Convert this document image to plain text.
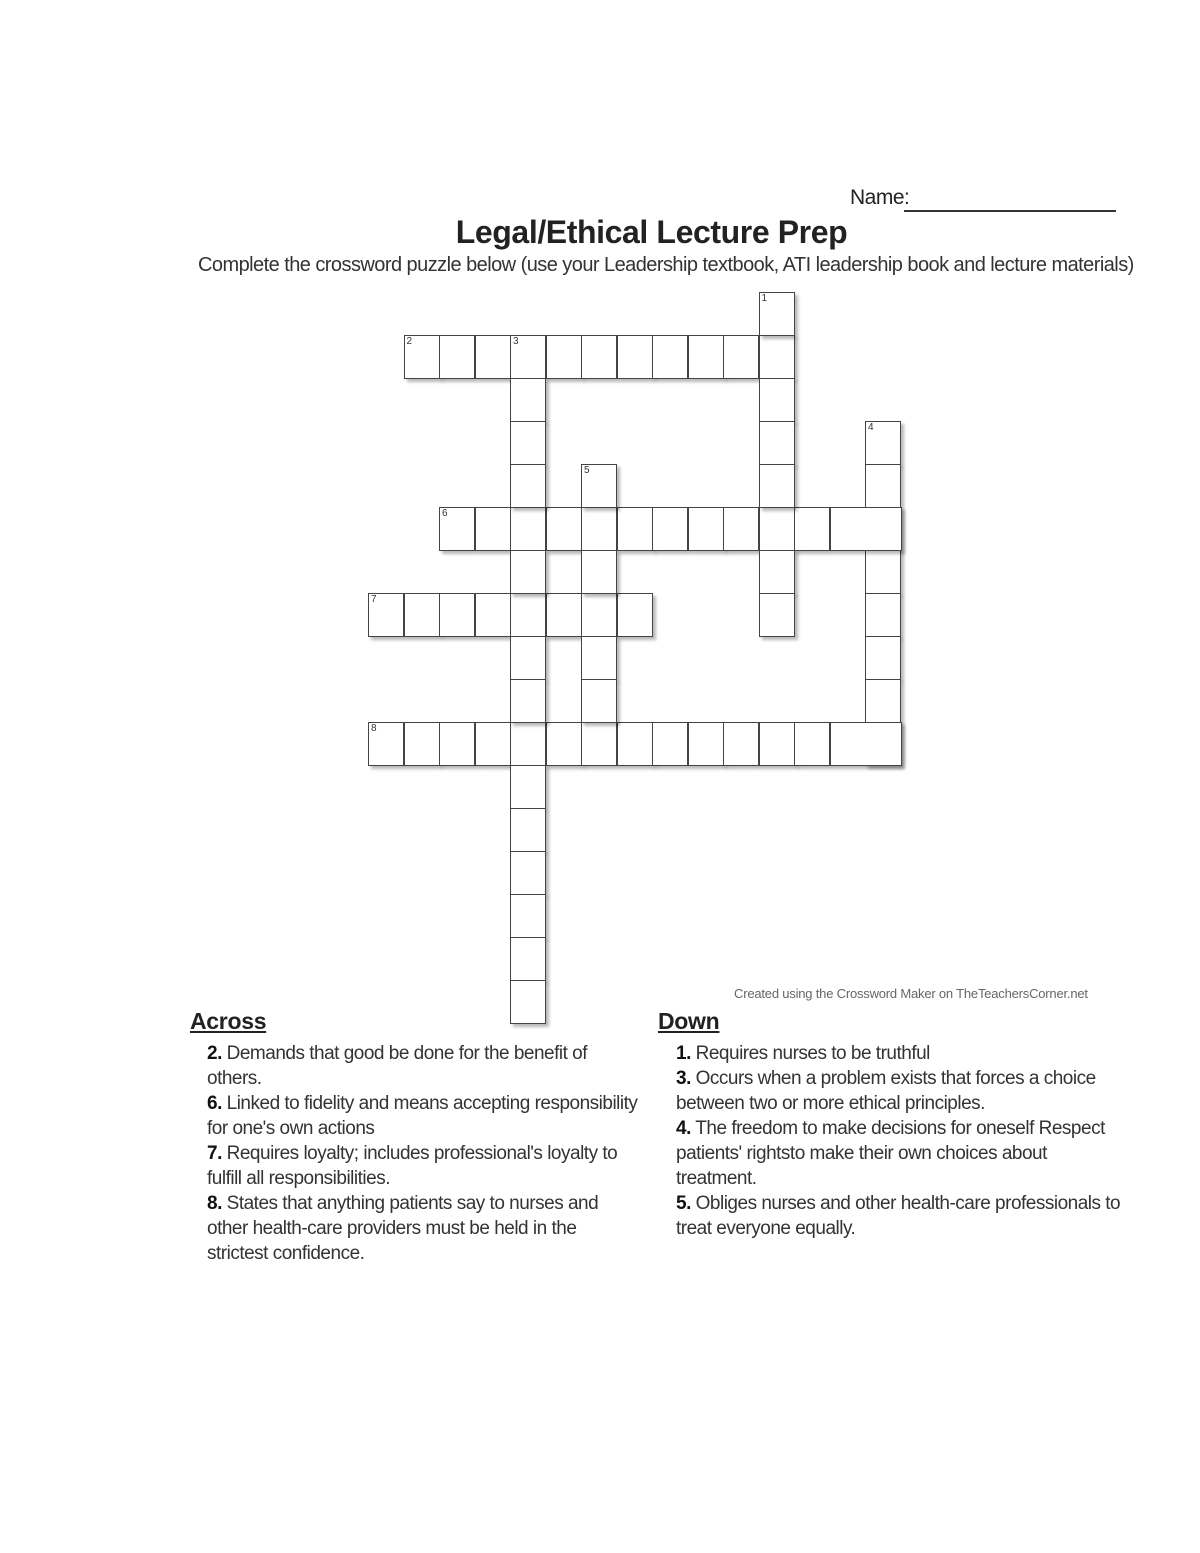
Name:
Legal/Ethical Lecture Prep
Complete the crossword puzzle below (use your Leadership textbook, ATI leadership book and lecture materials)
2	3
6
7
8
1
5
4
Created using the Crossword Maker on TheTeachersCorner.net
Across
2. Demands that good be done for the benefit of others.
6. Linked to fidelity and means accepting responsibility for one's own actions
7. Requires loyalty; includes professional's loyalty to fulfill all responsibilities.
8. States that anything patients say to nurses and other health-care providers must be held in the strictest confidence.
Down
1. Requires nurses to be truthful
3. Occurs when a problem exists that forces a choice between two or more ethical principles.
4. The freedom to make decisions for oneself Respect patients' rightsto make their own choices about treatment.
5. Obliges nurses and other health-care professionals to treat everyone equally.
